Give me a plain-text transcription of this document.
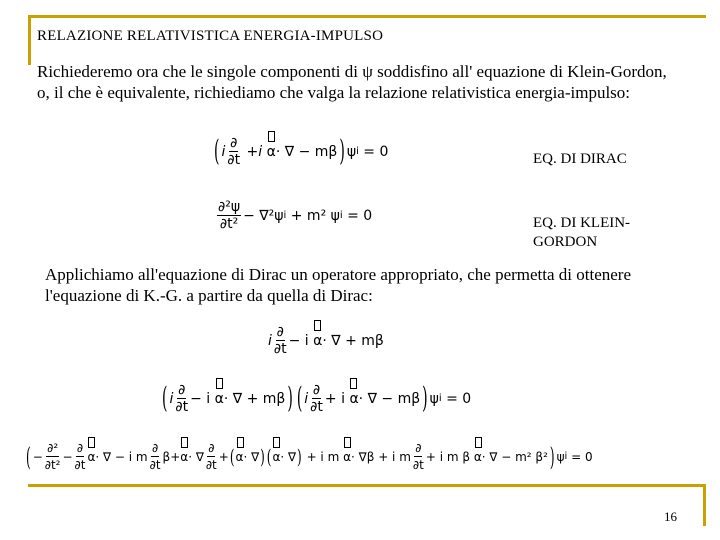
RELAZIONE RELATIVISTICA ENERGIA-IMPULSO
Richiederemo ora che le singole componenti di ψ soddisfino all' equazione di Klein-Gordon, o, il che è equivalente, richiediamo che valga la relazione relativistica energia-impulso:
( i $\frac{\partial}{\partial t} + i$
α · ∇
− mβ ) ψ i
= 0	EQ. DI DIRAC
$\frac{\text{∂²ψ}}{\text{∂t²}} - \nabla^2$ ψ i
+ m²
ψ i
= 0	EQ. DI KLEIN-GORDON
Applichiamo all'equazione di Dirac un operatore appropriato, che permetta di ottenere l'equazione di K.-G. a partire da quella di Dirac:
i $\frac{\partial}{\partial t} - i$
α · ∇
+ mβ
( i $\frac{\partial}{\partial t} - i$
α · ∇
+ mβ ) ( i $\frac{\partial}{\partial t} + i$
α · ∇
− mβ ) ψ i
= 0
( − $\frac{\text{∂²}}{\text{∂t²}} - \frac{\partial}{\partial t}$ α · ∇
− i
m $\frac{\partial}{\partial t}$ β + α · ∇ $\frac{\partial}{\partial t}$ + ( α · ∇ ) ( α · ∇ )
+ i m
α · ∇ β
+ i m $\frac{\partial}{\partial t} + i$ m β
α · ∇
− m² β² ) ψ i
= 0
16
